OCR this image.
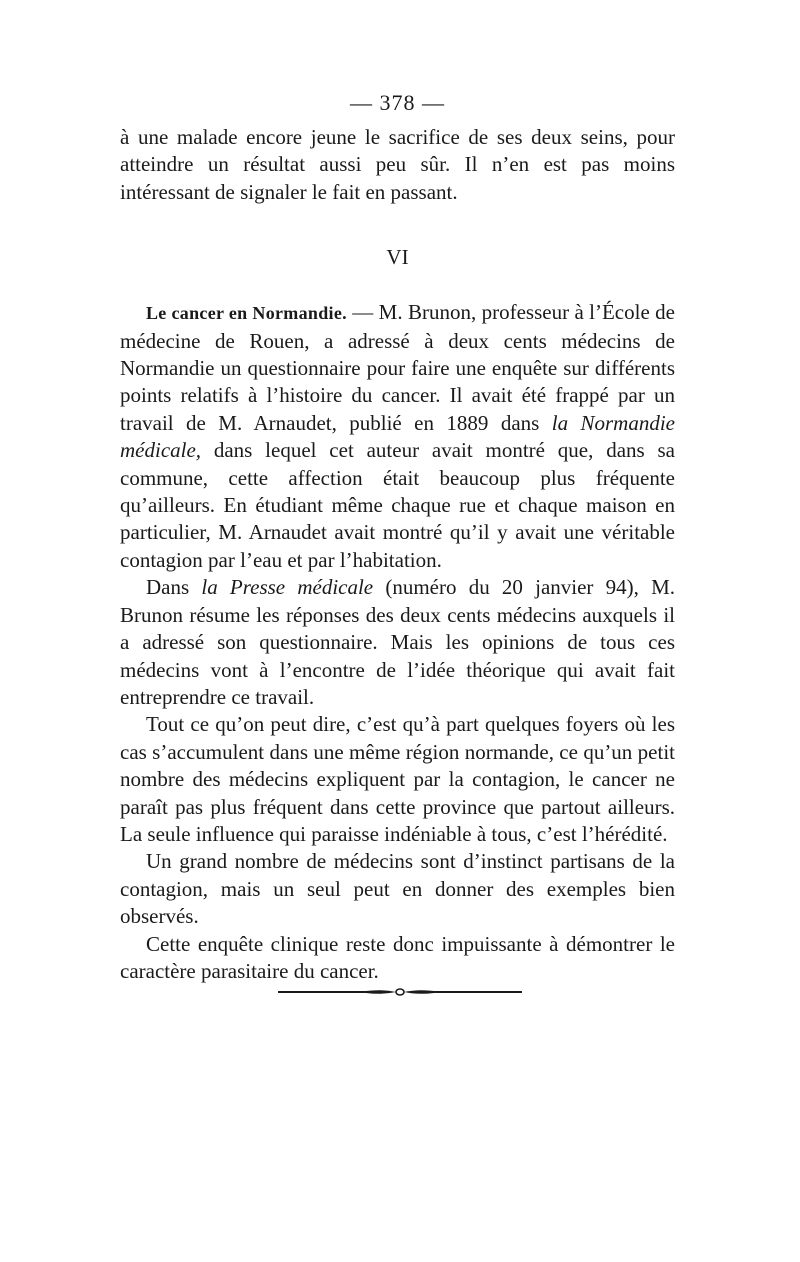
— 378 —

à une malade encore jeune le sacrifice de ses deux seins, pour atteindre un résultat aussi peu sûr. Il n’en est pas moins intéressant de signaler le fait en passant.

VI

Le cancer en Normandie. — M. Brunon, professeur à l’École de médecine de Rouen, a adressé à deux cents médecins de Normandie un questionnaire pour faire une enquête sur différents points relatifs à l’histoire du cancer. Il avait été frappé par un travail de M. Arnaudet, publié en 1889 dans la Normandie médicale, dans lequel cet auteur avait montré que, dans sa commune, cette affection était beaucoup plus fréquente qu’ailleurs. En étudiant même chaque rue et chaque maison en particulier, M. Arnaudet avait montré qu’il y avait une véritable contagion par l’eau et par l’habitation.

Dans la Presse médicale (numéro du 20 janvier 94), M. Brunon résume les réponses des deux cents médecins auxquels il a adressé son questionnaire. Mais les opinions de tous ces médecins vont à l’encontre de l’idée théorique qui avait fait entreprendre ce travail.

Tout ce qu’on peut dire, c’est qu’à part quelques foyers où les cas s’accumulent dans une même région normande, ce qu’un petit nombre des médecins expliquent par la contagion, le cancer ne paraît pas plus fréquent dans cette province que partout ailleurs. La seule influence qui paraisse indéniable à tous, c’est l’hérédité.

Un grand nombre de médecins sont d’instinct partisans de la contagion, mais un seul peut en donner des exemples bien observés.

Cette enquête clinique reste donc impuissante à démontrer le caractère parasitaire du cancer.
